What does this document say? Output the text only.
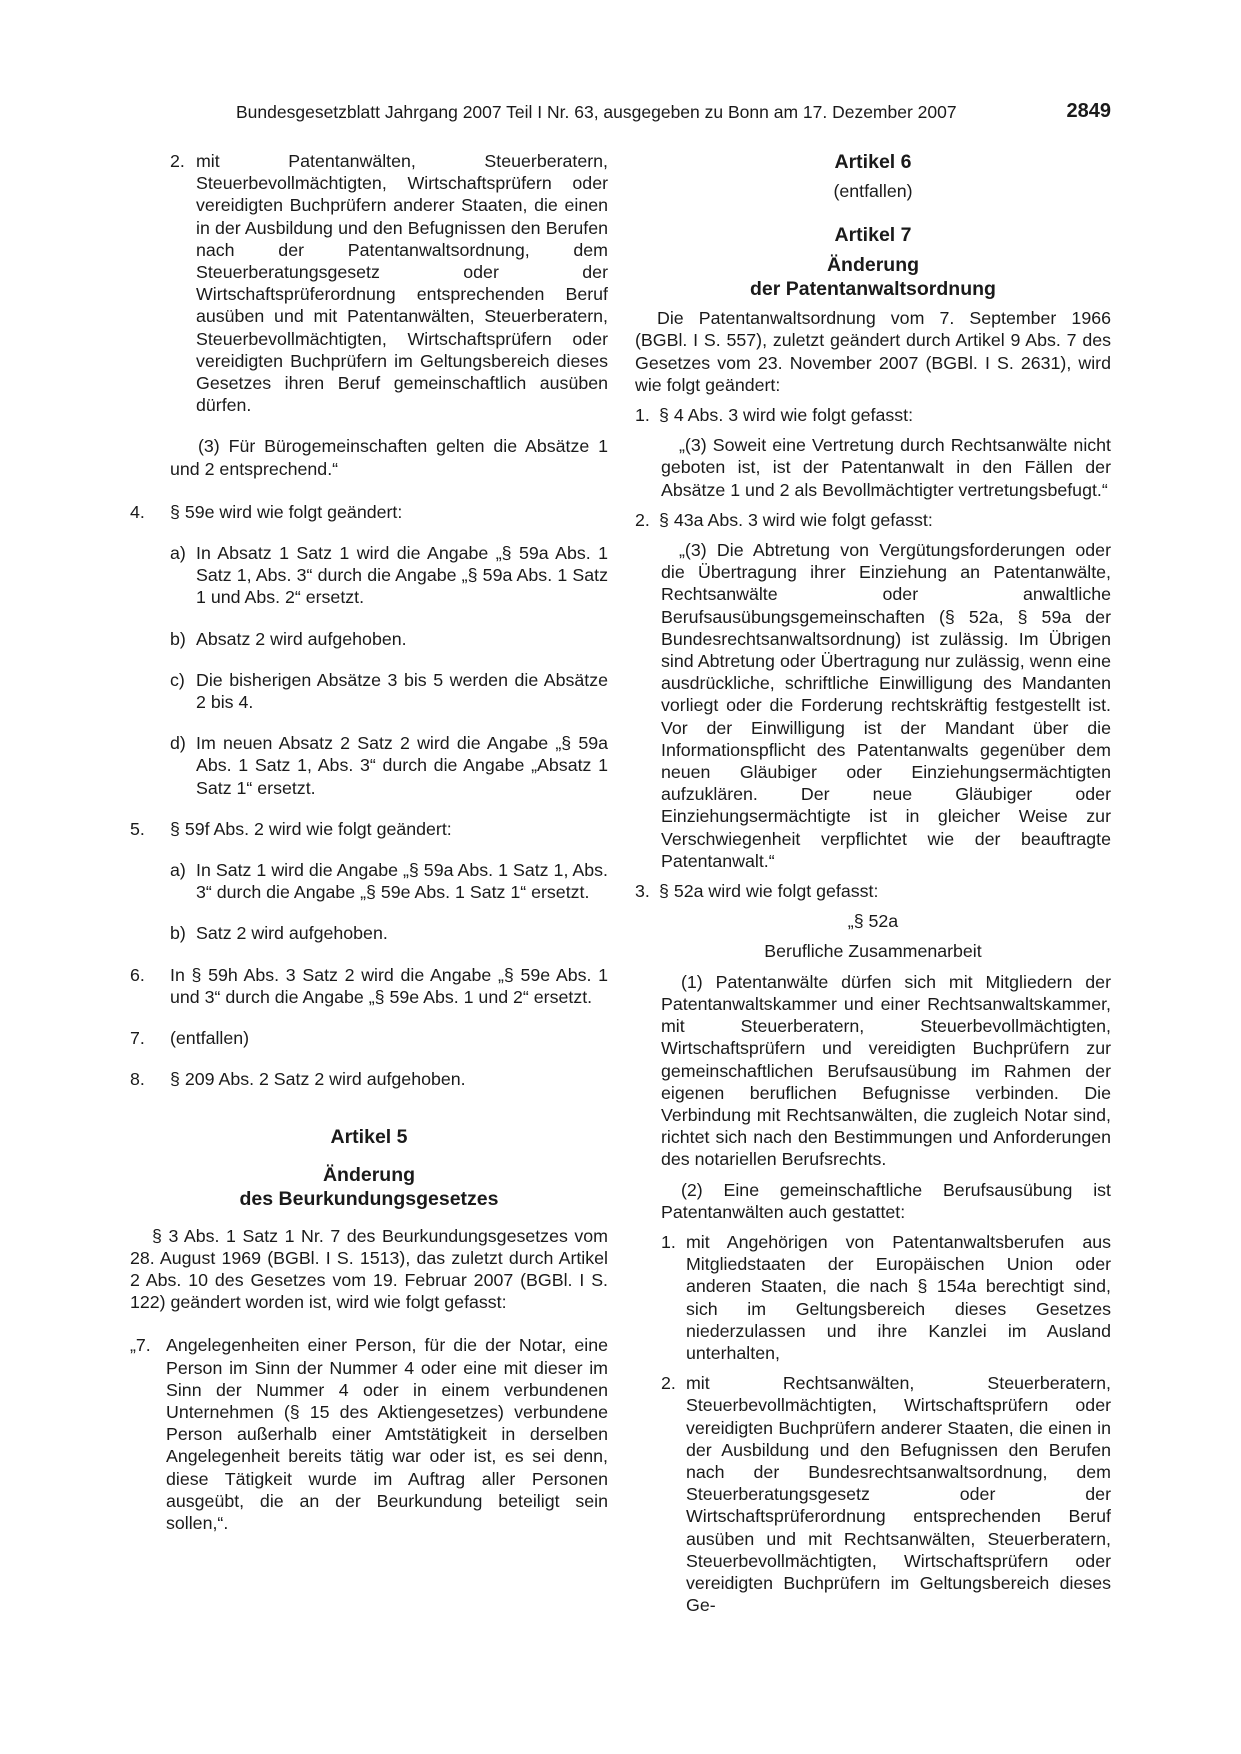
Bundesgesetzblatt Jahrgang 2007 Teil I Nr. 63, ausgegeben zu Bonn am 17. Dezember 2007	2849
2. mit Patentanwälten, Steuerberatern, Steuerbevollmächtigten, Wirtschaftsprüfern oder vereidigten Buchprüfern anderer Staaten, die einen in der Ausbildung und den Befugnissen den Berufen nach der Patentanwaltsordnung, dem Steuerberatungsgesetz oder der Wirtschaftsprüferordnung entsprechenden Beruf ausüben und mit Patentanwälten, Steuerberatern, Steuerbevollmächtigten, Wirtschaftsprüfern oder vereidigten Buchprüfern im Geltungsbereich dieses Gesetzes ihren Beruf gemeinschaftlich ausüben dürfen.

(3) Für Bürogemeinschaften gelten die Absätze 1 und 2 entsprechend.“

4.	§ 59e wird wie folgt geändert:
a) In Absatz 1 Satz 1 wird die Angabe „§ 59a Abs. 1 Satz 1, Abs. 3“ durch die Angabe „§ 59a Abs. 1 Satz 1 und Abs. 2“ ersetzt.
b) Absatz 2 wird aufgehoben.
c) Die bisherigen Absätze 3 bis 5 werden die Absätze 2 bis 4.
d) Im neuen Absatz 2 Satz 2 wird die Angabe „§ 59a Abs. 1 Satz 1, Abs. 3“ durch die Angabe „Absatz 1 Satz 1“ ersetzt.
5.	§ 59f Abs. 2 wird wie folgt geändert:
a) In Satz 1 wird die Angabe „§ 59a Abs. 1 Satz 1, Abs. 3“ durch die Angabe „§ 59e Abs. 1 Satz 1“ ersetzt.
b) Satz 2 wird aufgehoben.
6.	In § 59h Abs. 3 Satz 2 wird die Angabe „§ 59e Abs. 1 und 3“ durch die Angabe „§ 59e Abs. 1 und 2“ ersetzt.
7.	(entfallen)
8.	§ 209 Abs. 2 Satz 2 wird aufgehoben.

Artikel 5

Änderung

des Beurkundungsgesetzes

§ 3 Abs. 1 Satz 1 Nr. 7 des Beurkundungsgesetzes vom 28. August 1969 (BGBl. I S. 1513), das zuletzt durch Artikel 2 Abs. 10 des Gesetzes vom 19. Februar 2007 (BGBl. I S. 122) geändert worden ist, wird wie folgt gefasst:

„7. Angelegenheiten einer Person, für die der Notar, eine Person im Sinn der Nummer 4 oder eine mit dieser im Sinn der Nummer 4 oder in einem verbundenen Unternehmen (§ 15 des Aktiengesetzes) verbundene Person außerhalb einer Amtstätigkeit in derselben Angelegenheit bereits tätig war oder ist, es sei denn, diese Tätigkeit wurde im Auftrag aller Personen ausgeübt, die an der Beurkundung beteiligt sein sollen,“.

Artikel 6

(entfallen)

Artikel 7

Änderung

der Patentanwaltsordnung

Die Patentanwaltsordnung vom 7. September 1966 (BGBl. I S. 557), zuletzt geändert durch Artikel 9 Abs. 7 des Gesetzes vom 23. November 2007 (BGBl. I S. 2631), wird wie folgt geändert:

1. § 4 Abs. 3 wird wie folgt gefasst:

„(3) Soweit eine Vertretung durch Rechtsanwälte nicht geboten ist, ist der Patentanwalt in den Fällen der Absätze 1 und 2 als Bevollmächtigter vertretungsbefugt.“

2. § 43a Abs. 3 wird wie folgt gefasst:

„(3) Die Abtretung von Vergütungsforderungen oder die Übertragung ihrer Einziehung an Patentanwälte, Rechtsanwälte oder anwaltliche Berufsausübungsgemeinschaften (§ 52a, § 59a der Bundesrechtsanwaltsordnung) ist zulässig. Im Übrigen sind Abtretung oder Übertragung nur zulässig, wenn eine ausdrückliche, schriftliche Einwilligung des Mandanten vorliegt oder die Forderung rechtskräftig festgestellt ist. Vor der Einwilligung ist der Mandant über die Informationspflicht des Patentanwalts gegenüber dem neuen Gläubiger oder Einziehungsermächtigten aufzuklären. Der neue Gläubiger oder Einziehungsermächtigte ist in gleicher Weise zur Verschwiegenheit verpflichtet wie der beauftragte Patentanwalt.“

3. § 52a wird wie folgt gefasst:

„§ 52a

Berufliche Zusammenarbeit

(1) Patentanwälte dürfen sich mit Mitgliedern der Patentanwaltskammer und einer Rechtsanwaltskammer, mit Steuerberatern, Steuerbevollmächtigten, Wirtschaftsprüfern und vereidigten Buchprüfern zur gemeinschaftlichen Berufsausübung im Rahmen der eigenen beruflichen Befugnisse verbinden. Die Verbindung mit Rechtsanwälten, die zugleich Notar sind, richtet sich nach den Bestimmungen und Anforderungen des notariellen Berufsrechts.

(2) Eine gemeinschaftliche Berufsausübung ist Patentanwälten auch gestattet:

1. mit Angehörigen von Patentanwaltsberufen aus Mitgliedstaaten der Europäischen Union oder anderen Staaten, die nach § 154a berechtigt sind, sich im Geltungsbereich dieses Gesetzes niederzulassen und ihre Kanzlei im Ausland unterhalten,
2. mit Rechtsanwälten, Steuerberatern, Steuerbevollmächtigten, Wirtschaftsprüfern oder vereidigten Buchprüfern anderer Staaten, die einen in der Ausbildung und den Befugnissen den Berufen nach der Bundesrechtsanwaltsordnung, dem Steuerberatungsgesetz oder der Wirtschaftsprüferordnung entsprechenden Beruf ausüben und mit Rechtsanwälten, Steuerberatern, Steuerbevollmächtigten, Wirtschaftsprüfern oder vereidigten Buchprüfern im Geltungsbereich dieses Ge-
